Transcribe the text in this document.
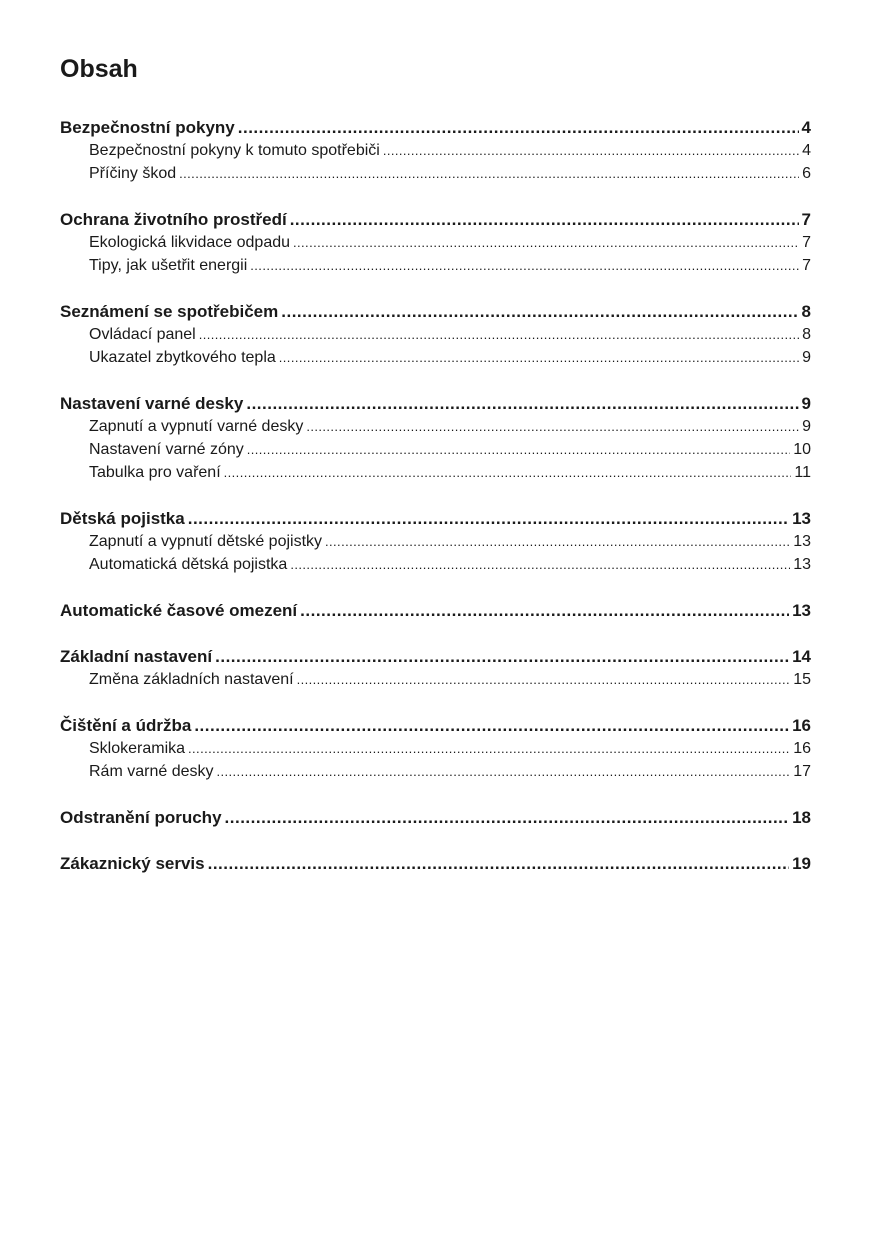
Obsah
Bezpečnostní pokyny .....	4
Bezpečnostní pokyny k tomuto spotřebiči .....	4
Příčiny škod .....	6
Ochrana životního prostředí .....	7
Ekologická likvidace odpadu .....	7
Tipy, jak ušetřit energii .....	7
Seznámení se spotřebičem .....	8
Ovládací panel .....	8
Ukazatel zbytkového tepla .....	9
Nastavení varné desky .....	9
Zapnutí a vypnutí varné desky .....	9
Nastavení varné zóny .....	10
Tabulka pro vaření .....	11
Dětská pojistka .....	13
Zapnutí a vypnutí dětské pojistky .....	13
Automatická dětská pojistka .....	13
Automatické časové omezení .....	13
Základní nastavení .....	14
Změna základních nastavení .....	15
Čištění a údržba .....	16
Sklokeramika .....	16
Rám varné desky .....	17
Odstranění poruchy .....	18
Zákaznický servis .....	19
